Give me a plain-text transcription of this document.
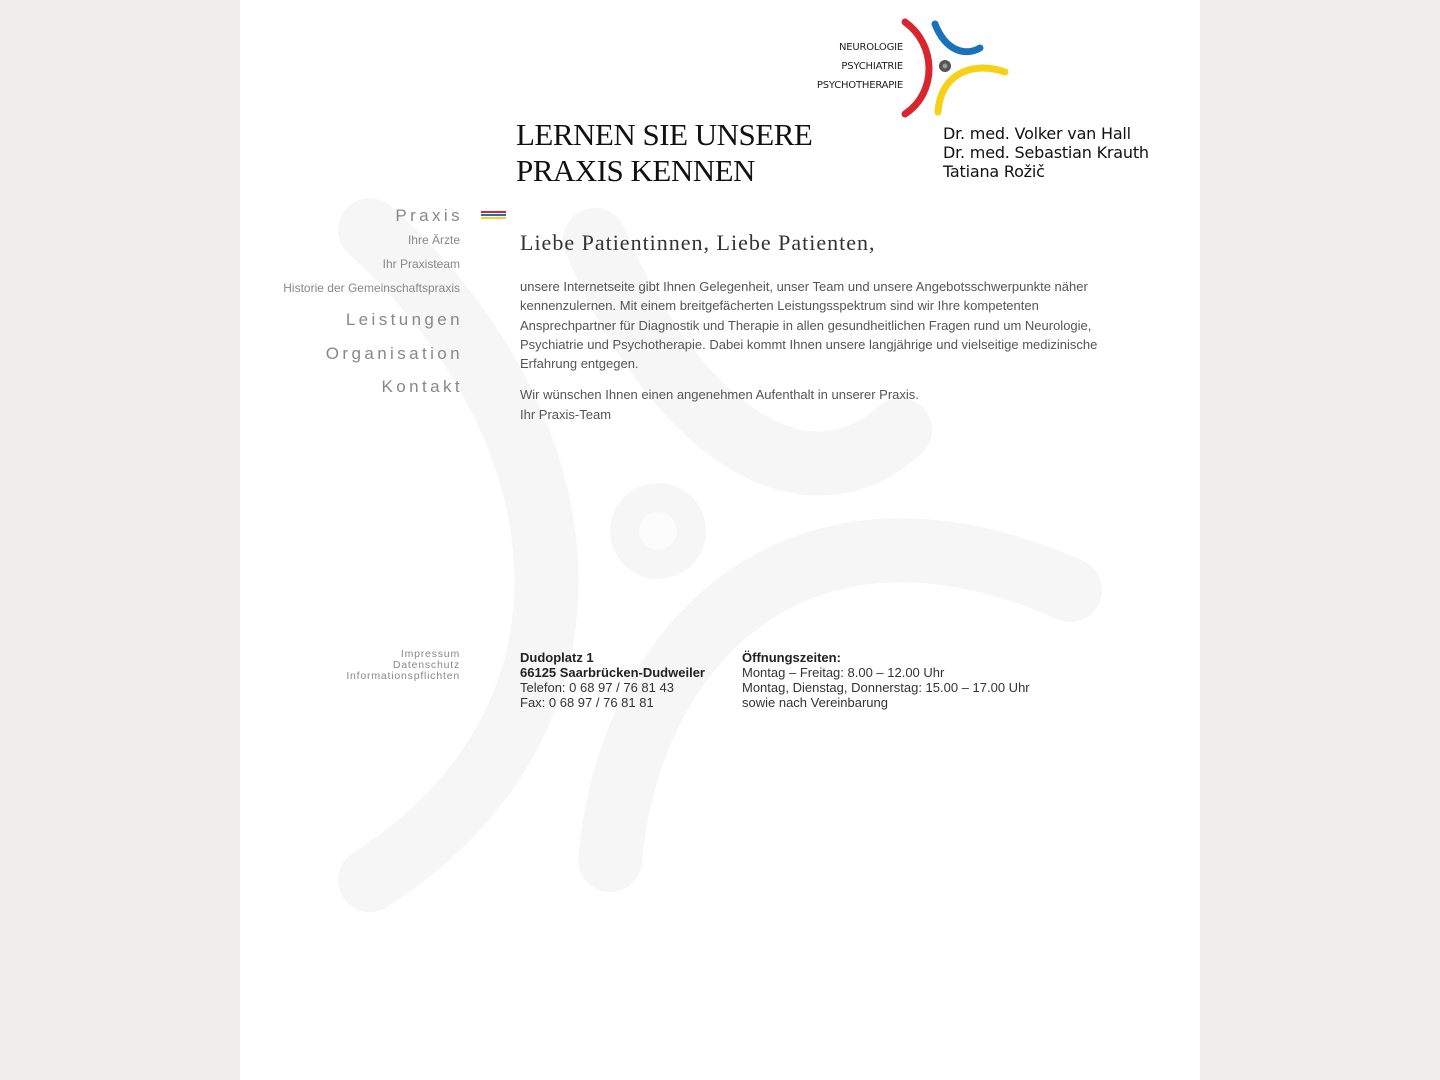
NEUROLOGIE
PSYCHIATRIE
PSYCHOTHERAPIE
Dr. med. Volker van Hall
Dr. med. Sebastian Krauth
Tatiana Rožič
LERNEN SIE UNSERE
PRAXIS KENNEN
Praxis
Ihre Ärzte
Ihr Praxisteam
Historie der Gemeinschaftspraxis
Leistungen
Organisation
Kontakt
Liebe Patientinnen, Liebe Patienten,

unsere Internetseite gibt Ihnen Gelegenheit, unser Team und unsere Angebotsschwerpunkte näher kennenzulernen. Mit einem breitgefächerten Leistungsspektrum sind wir Ihre kompetenten Ansprechpartner für Diagnostik und Therapie in allen gesundheitlichen Fragen rund um Neurologie, Psychiatrie und Psychotherapie. Dabei kommt Ihnen unsere langjährige und vielseitige medizinische Erfahrung entgegen.

Wir wünschen Ihnen einen angenehmen Aufenthalt in unserer Praxis.
Ihr Praxis-Team

Impressum
Datenschutz
Informationspflichten
Dudoplatz 1
66125 Saarbrücken-Dudweiler
Telefon: 0 68 97 / 76 81 43
Fax: 0 68 97 / 76 81 81
Öffnungszeiten:
Montag – Freitag: 8.00 – 12.00 Uhr
Montag, Dienstag, Donnerstag: 15.00 – 17.00 Uhr
sowie nach Vereinbarung
